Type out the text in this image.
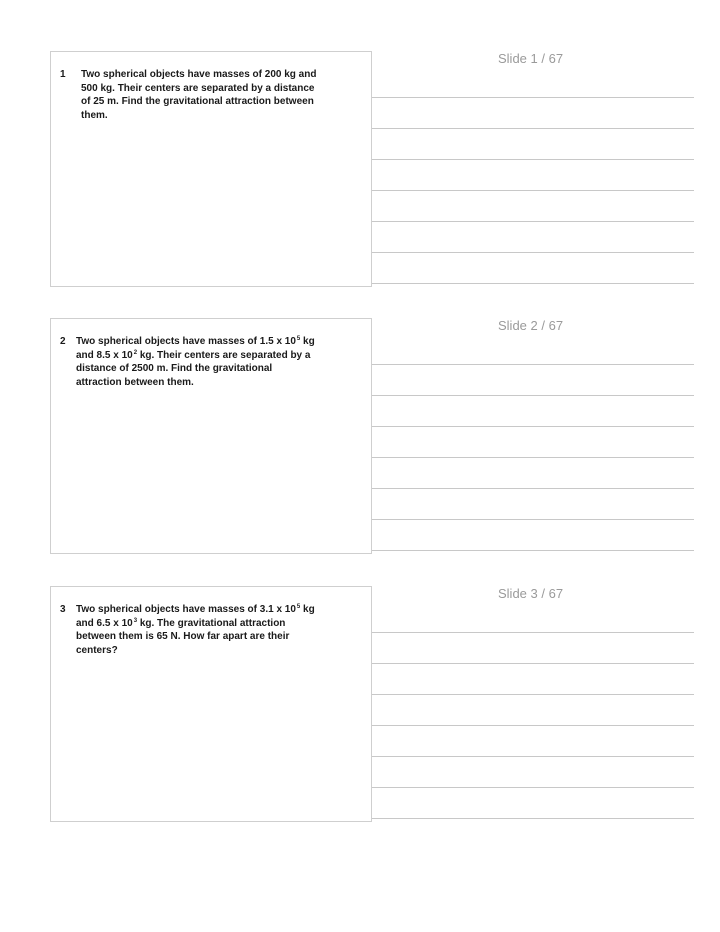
1 Two spherical objects have masses of 200 kg and
500 kg. Their centers are separated by a distance
of 25 m. Find the gravitational attraction between
them.
Slide 1 / 67
2 Two spherical objects have masses of 1.5 x $10^5$ kg
and 8.5 x $10^2$ kg. Their centers are separated by a
distance of 2500 m. Find the gravitational
attraction between them.
Slide 2 / 67
3 Two spherical objects have masses of 3.1 x $10^5$ kg
and 6.5 x $10^3$ kg. The gravitational attraction
between them is 65 N. How far apart are their
centers?
Slide 3 / 67
